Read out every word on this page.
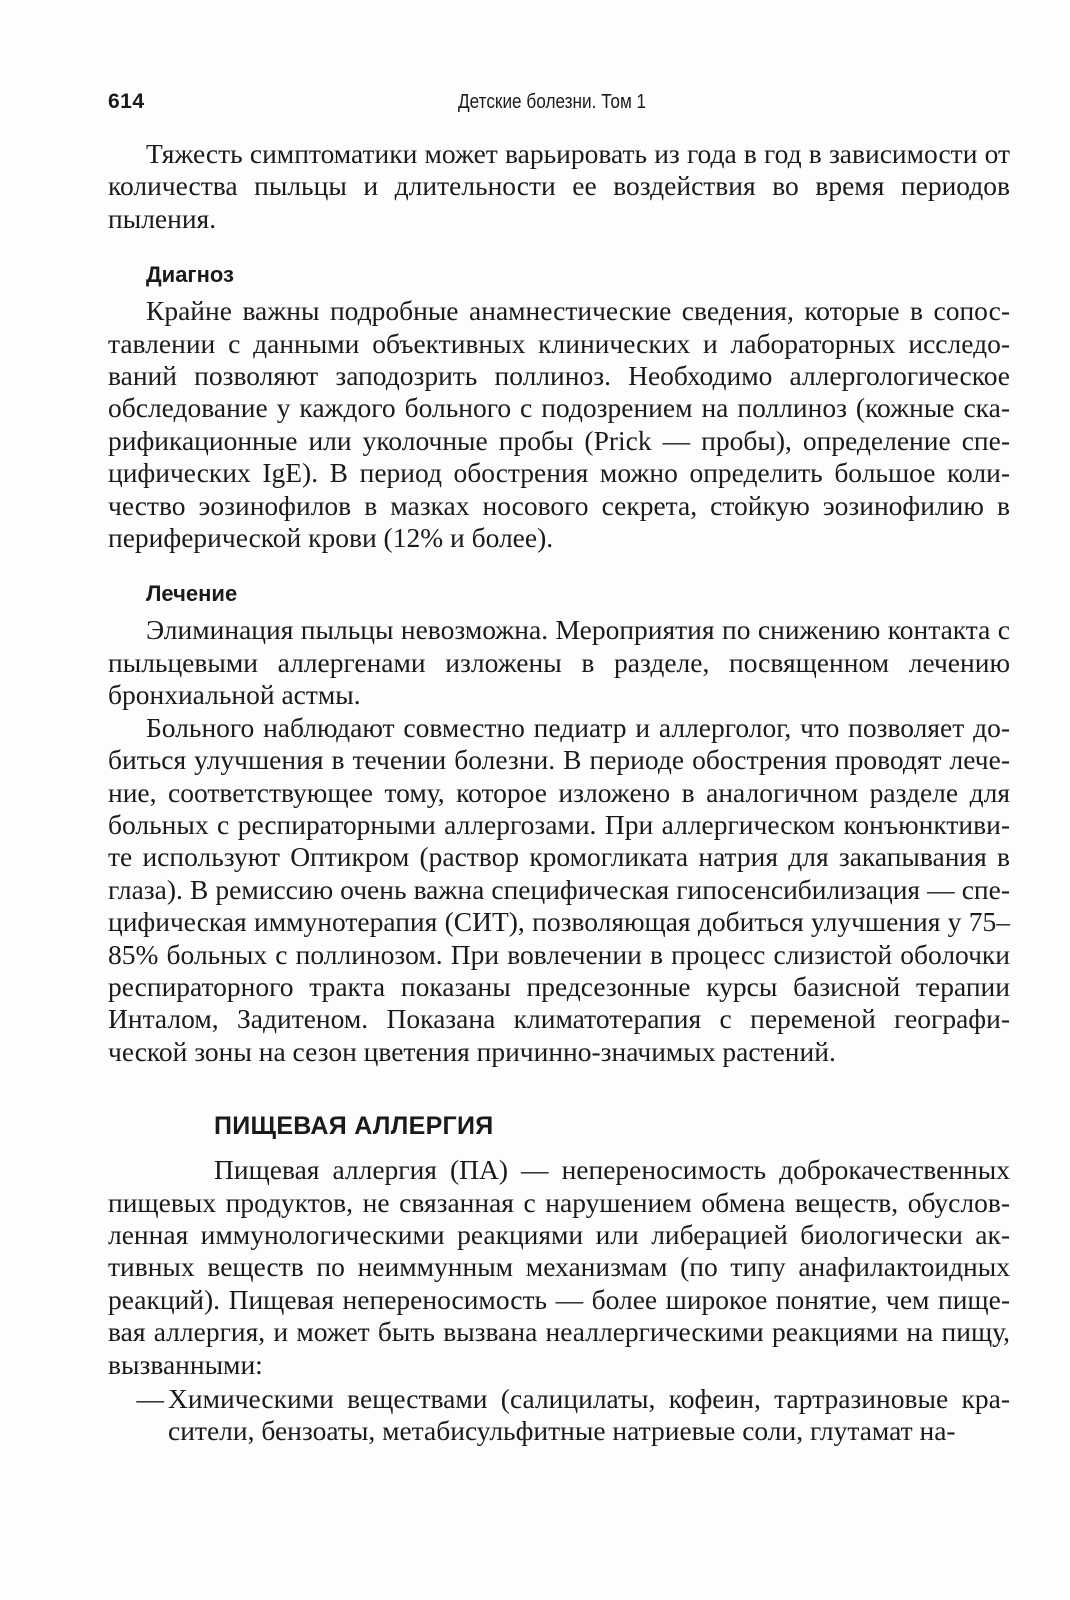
614	Детские болезни. Том 1

Тяжесть симптоматики может варьировать из года в год в зависимости от количества пыльцы и длительности ее воздействия во время периодов пыления.

Диагноз

Крайне важны подробные анамнестические сведения, которые в сопоставлении с данными объективных клинических и лабораторных исследований позволяют заподозрить поллиноз. Необходимо аллергологическое обследование у каждого больного с подозрением на поллиноз (кожные скарификационные или уколочные пробы (Prick — пробы), определение специфических IgE). В период обострения можно определить большое количество эозинофилов в мазках носового секрета, стойкую эозинофилию в периферической крови (12% и более).

Лечение

Элиминация пыльцы невозможна. Мероприятия по снижению контакта с пыльцевыми аллергенами изложены в разделе, посвященном лечению бронхиальной астмы.

Больного наблюдают совместно педиатр и аллерголог, что позволяет добиться улучшения в течении болезни. В периоде обострения проводят лечение, соответствующее тому, которое изложено в аналогичном разделе для больных с респираторными аллергозами. При аллергическом конъюнктивите используют Оптикром (раствор кромогликата натрия для закапывания в глаза). В ремиссию очень важна специфическая гипосенсибилизация — специфическая иммунотерапия (СИТ), позволяющая добиться улучшения у 75–85% больных с поллинозом. При вовлечении в процесс слизистой оболочки респираторного тракта показаны предсезонные курсы базисной терапии Инталом, Задитеном. Показана климатотерапия с переменой географической зоны на сезон цветения причинно-значимых растений.

ПИЩЕВАЯ АЛЛЕРГИЯ

Пищевая аллергия (ПА) — непереносимость доброкачественных пищевых продуктов, не связанная с нарушением обмена веществ, обусловленная иммунологическими реакциями или либерацией биологически активных веществ по неиммунным механизмам (по типу анафилактоидных реакций). Пищевая непереносимость — более широкое понятие, чем пищевая аллергия, и может быть вызвана неаллергическими реакциями на пищу, вызванными:

— Химическими веществами (салицилаты, кофеин, тартразиновые красители, бензоаты, метабисульфитные натриевые соли, глутамат на-
